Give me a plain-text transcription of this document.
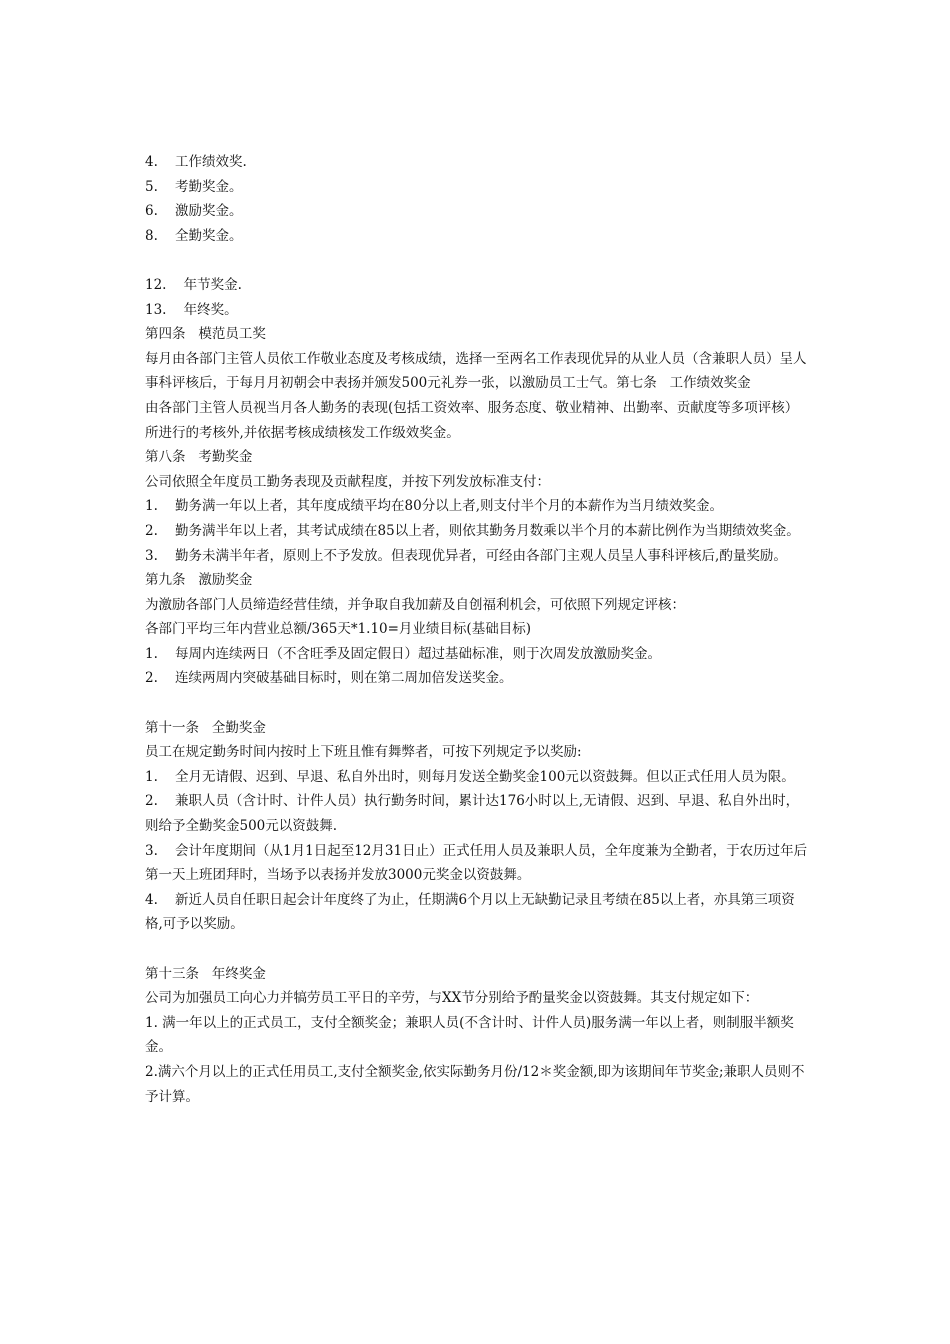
4.    工作绩效奖.

5.    考勤奖金。

6.    激励奖金。

8.    全勤奖金。

12.    年节奖金.

13.    年终奖。

第四条   模范员工奖

每月由各部门主管人员依工作敬业态度及考核成绩，选择一至两名工作表现优异的从业人员（含兼职人员）呈人事科评核后，于每月月初朝会中表扬并颁发500元礼券一张，以激励员工士气。第七条   工作绩效奖金

由各部门主管人员视当月各人勤务的表现(包括工资效率、服务态度、敬业精神、出勤率、贡献度等多项评核）所进行的考核外,并依据考核成绩核发工作级效奖金。

第八条   考勤奖金

公司依照全年度员工勤务表现及贡献程度，并按下列发放标准支付：

1.    勤务满一年以上者，其年度成绩平均在80分以上者,则支付半个月的本薪作为当月绩效奖金。

2.    勤务满半年以上者，其考试成绩在85以上者，则依其勤务月数乘以半个月的本薪比例作为当期绩效奖金。

3.    勤务未满半年者，原则上不予发放。但表现优异者，可经由各部门主观人员呈人事科评核后,酌量奖励。

第九条   激励奖金

为激励各部门人员缔造经营佳绩，并争取自我加薪及自创福利机会，可依照下列规定评核：

各部门平均三年内营业总额/365天*1.10=月业绩目标(基础目标)

1.    每周内连续两日（不含旺季及固定假日）超过基础标准，则于次周发放激励奖金。

2.    连续两周内突破基础目标时，则在第二周加倍发送奖金。

第十一条   全勤奖金

员工在规定勤务时间内按时上下班且惟有舞弊者，可按下列规定予以奖励:

1.    全月无请假、迟到、早退、私自外出时，则每月发送全勤奖金100元以资鼓舞。但以正式任用人员为限。

2.    兼职人员（含计时、计件人员）执行勤务时间，累计达176小时以上,无请假、迟到、早退、私自外出时，则给予全勤奖金500元以资鼓舞.

3.    会计年度期间（从1月1日起至12月31日止）正式任用人员及兼职人员，全年度兼为全勤者，于农历过年后第一天上班团拜时，当场予以表扬并发放3000元奖金以资鼓舞。

4.    新近人员自任职日起会计年度终了为止，任期满6个月以上无缺勤记录且考绩在85以上者，亦具第三项资格,可予以奖励。

第十三条   年终奖金

公司为加强员工向心力并犒劳员工平日的辛劳，与XX节分别给予酌量奖金以资鼓舞。其支付规定如下：

1. 满一年以上的正式员工，支付全额奖金；兼职人员(不含计时、计件人员)服务满一年以上者，则制服半额奖金。

2.满六个月以上的正式任用员工,支付全额奖金,依实际勤务月份/12＊奖金额,即为该期间年节奖金;兼职人员则不予计算。
